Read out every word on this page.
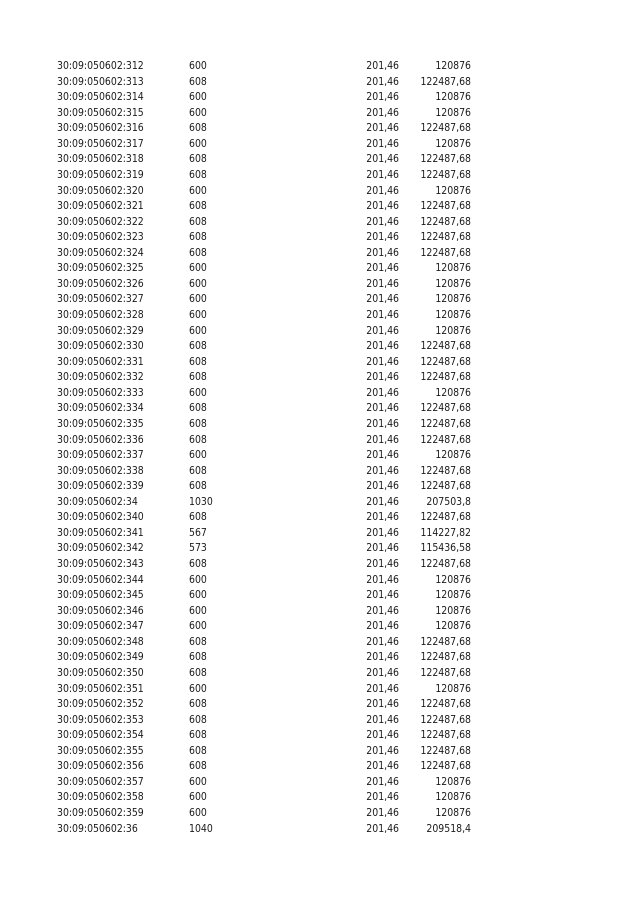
30:09:050602:312	600	201,46	120876
30:09:050602:313	608	201,46	122487,68
30:09:050602:314	600	201,46	120876
30:09:050602:315	600	201,46	120876
30:09:050602:316	608	201,46	122487,68
30:09:050602:317	600	201,46	120876
30:09:050602:318	608	201,46	122487,68
30:09:050602:319	608	201,46	122487,68
30:09:050602:320	600	201,46	120876
30:09:050602:321	608	201,46	122487,68
30:09:050602:322	608	201,46	122487,68
30:09:050602:323	608	201,46	122487,68
30:09:050602:324	608	201,46	122487,68
30:09:050602:325	600	201,46	120876
30:09:050602:326	600	201,46	120876
30:09:050602:327	600	201,46	120876
30:09:050602:328	600	201,46	120876
30:09:050602:329	600	201,46	120876
30:09:050602:330	608	201,46	122487,68
30:09:050602:331	608	201,46	122487,68
30:09:050602:332	608	201,46	122487,68
30:09:050602:333	600	201,46	120876
30:09:050602:334	608	201,46	122487,68
30:09:050602:335	608	201,46	122487,68
30:09:050602:336	608	201,46	122487,68
30:09:050602:337	600	201,46	120876
30:09:050602:338	608	201,46	122487,68
30:09:050602:339	608	201,46	122487,68
30:09:050602:34	1030	201,46	207503,8
30:09:050602:340	608	201,46	122487,68
30:09:050602:341	567	201,46	114227,82
30:09:050602:342	573	201,46	115436,58
30:09:050602:343	608	201,46	122487,68
30:09:050602:344	600	201,46	120876
30:09:050602:345	600	201,46	120876
30:09:050602:346	600	201,46	120876
30:09:050602:347	600	201,46	120876
30:09:050602:348	608	201,46	122487,68
30:09:050602:349	608	201,46	122487,68
30:09:050602:350	608	201,46	122487,68
30:09:050602:351	600	201,46	120876
30:09:050602:352	608	201,46	122487,68
30:09:050602:353	608	201,46	122487,68
30:09:050602:354	608	201,46	122487,68
30:09:050602:355	608	201,46	122487,68
30:09:050602:356	608	201,46	122487,68
30:09:050602:357	600	201,46	120876
30:09:050602:358	600	201,46	120876
30:09:050602:359	600	201,46	120876
30:09:050602:36	1040	201,46	209518,4
